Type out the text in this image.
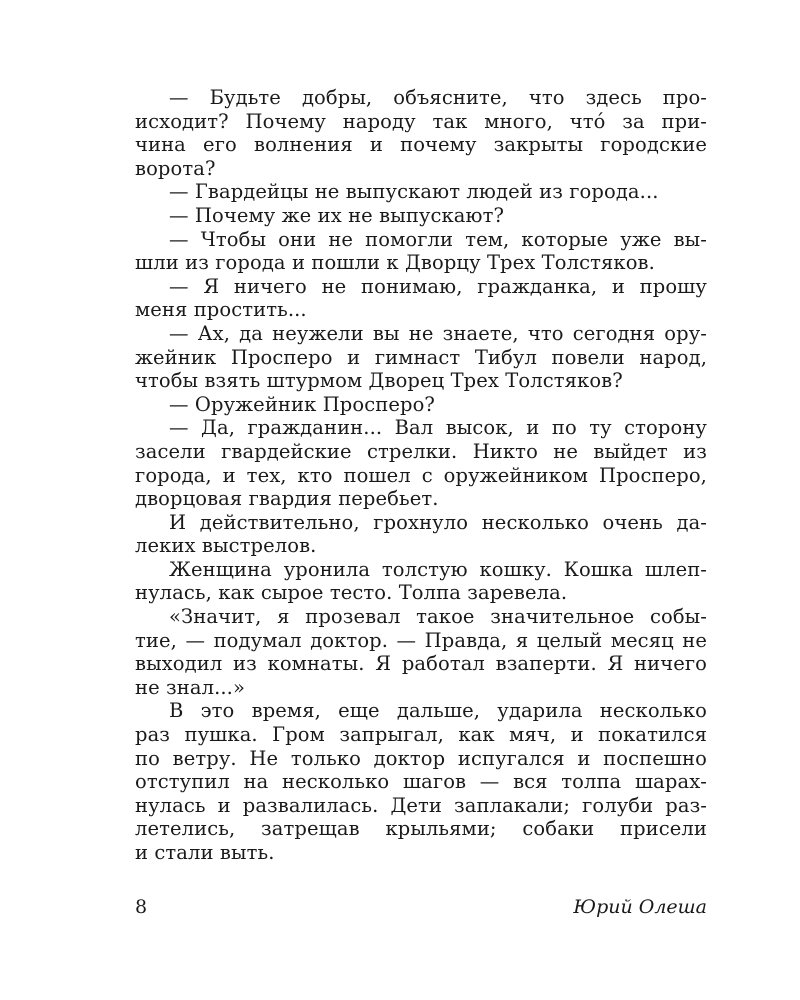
— Будьте добры, объясните, что здесь про-
исходит? Почему народу так много, чтó за при-
чина его волнения и почему закрыты городские
ворота?
— Гвардейцы не выпускают людей из города...
— Почему же их не выпускают?
— Чтобы они не помогли тем, которые уже вы-
шли из города и пошли к Дворцу Трех Толстяков.
— Я ничего не понимаю, гражданка, и прошу
меня простить...
— Ах, да неужели вы не знаете, что сегодня ору-
жейник Просперо и гимнаст Тибул повели народ,
чтобы взять штурмом Дворец Трех Толстяков?
— Оружейник Просперо?
— Да, гражданин... Вал высок, и по ту сторону
засели гвардейские стрелки. Никто не выйдет из
города, и тех, кто пошел с оружейником Просперо,
дворцовая гвардия перебьет.
И действительно, грохнуло несколько очень да-
леких выстрелов.
Женщина уронила толстую кошку. Кошка шлеп-
нулась, как сырое тесто. Толпа заревела.
«Значит, я прозевал такое значительное собы-
тие, — подумал доктор. — Правда, я целый месяц не
выходил из комнаты. Я работал взаперти. Я ничего
не знал...»
В это время, еще дальше, ударила несколько
раз пушка. Гром запрыгал, как мяч, и покатился
по ветру. Не только доктор испугался и поспешно
отступил на несколько шагов — вся толпа шарах-
нулась и развалилась. Дети заплакали; голуби раз-
летелись, затрещав крыльями; собаки присели
и стали выть.
8	Юрий Олеша
